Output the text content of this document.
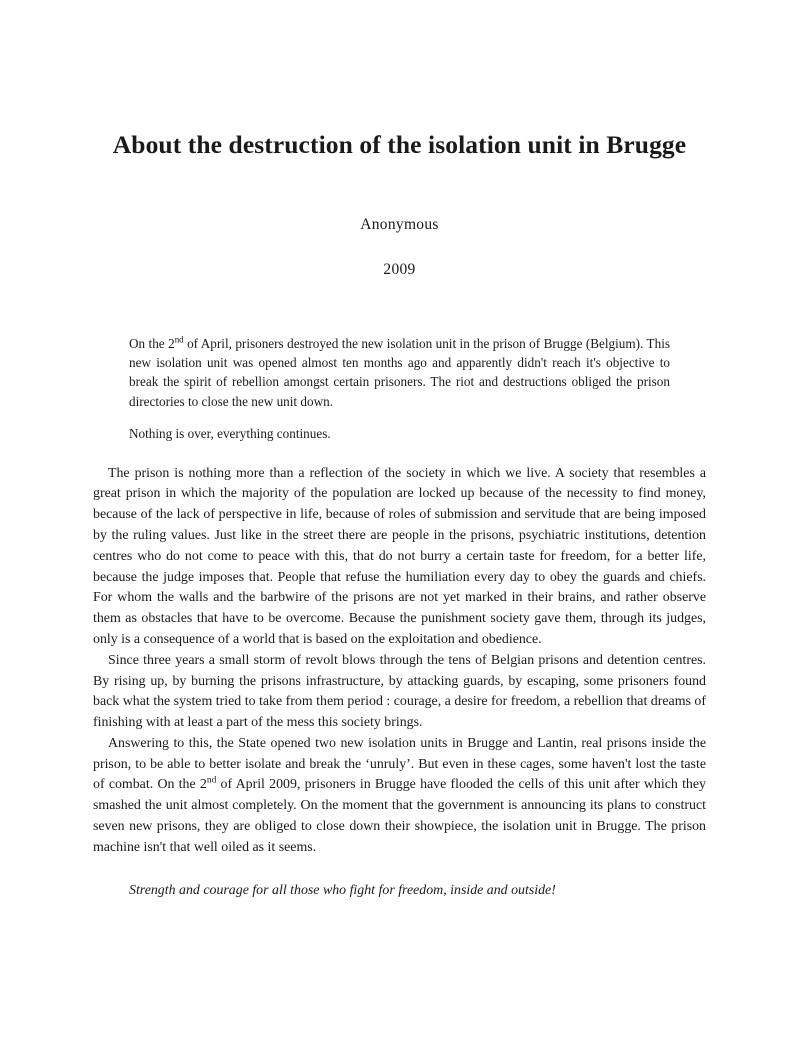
About the destruction of the isolation unit in Brugge
Anonymous
2009

On the 2nd of April, prisoners destroyed the new isolation unit in the prison of Brugge (Belgium). This new isolation unit was opened almost ten months ago and apparently didn't reach it's objective to break the spirit of rebellion amongst certain prisoners. The riot and destructions obliged the prison directories to close the new unit down.

Nothing is over, everything continues.

The prison is nothing more than a reflection of the society in which we live. A society that resembles a great prison in which the majority of the population are locked up because of the necessity to find money, because of the lack of perspective in life, because of roles of submission and servitude that are being imposed by the ruling values. Just like in the street there are people in the prisons, psychiatric institutions, detention centres who do not come to peace with this, that do not burry a certain taste for freedom, for a better life, because the judge imposes that. People that refuse the humiliation every day to obey the guards and chiefs. For whom the walls and the barbwire of the prisons are not yet marked in their brains, and rather observe them as obstacles that have to be overcome. Because the punishment society gave them, through its judges, only is a consequence of a world that is based on the exploitation and obedience.

Since three years a small storm of revolt blows through the tens of Belgian prisons and detention centres. By rising up, by burning the prisons infrastructure, by attacking guards, by escaping, some prisoners found back what the system tried to take from them period : courage, a desire for freedom, a rebellion that dreams of finishing with at least a part of the mess this society brings.

Answering to this, the State opened two new isolation units in Brugge and Lantin, real prisons inside the prison, to be able to better isolate and break the ‘unruly’. But even in these cages, some haven't lost the taste of combat. On the 2nd of April 2009, prisoners in Brugge have flooded the cells of this unit after which they smashed the unit almost completely. On the moment that the government is announcing its plans to construct seven new prisons, they are obliged to close down their showpiece, the isolation unit in Brugge. The prison machine isn't that well oiled as it seems.

Strength and courage for all those who fight for freedom, inside and outside!
